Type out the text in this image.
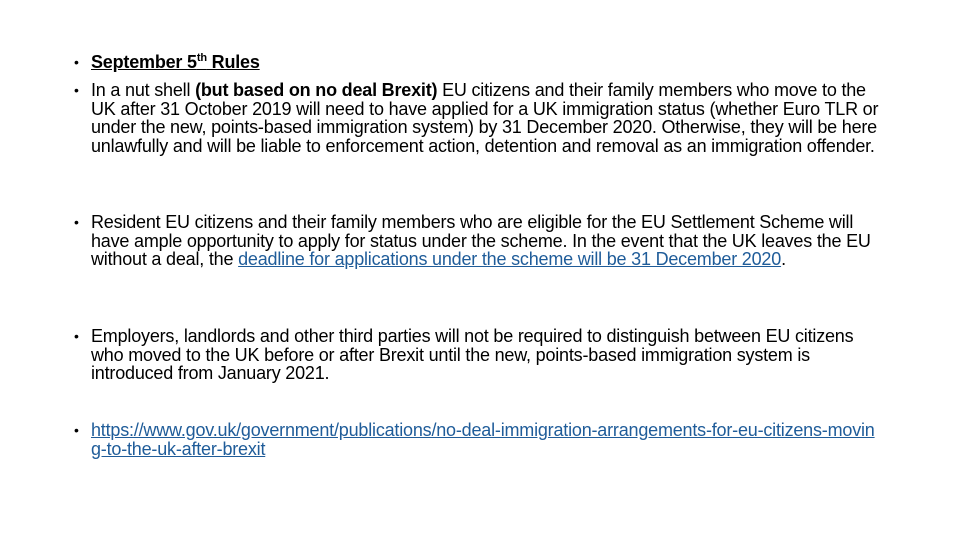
• September 5th Rules
• In a nut shell (but based on no deal Brexit) EU citizens and their family members who move to the UK after 31 October 2019 will need to have applied for a UK immigration status (whether Euro TLR or under the new, points-based immigration system) by 31 December 2020. Otherwise, they will be here unlawfully and will be liable to enforcement action, detention and removal as an immigration offender.
• Resident EU citizens and their family members who are eligible for the EU Settlement Scheme will have ample opportunity to apply for status under the scheme. In the event that the UK leaves the EU without a deal, the deadline for applications under the scheme will be 31 December 2020.
• Employers, landlords and other third parties will not be required to distinguish between EU citizens who moved to the UK before or after Brexit until the new, points-based immigration system is introduced from January 2021.
• https://www.gov.uk/government/publications/no-deal-immigration-arrangements-for-eu-citizens-moving-to-the-uk-after-brexit
